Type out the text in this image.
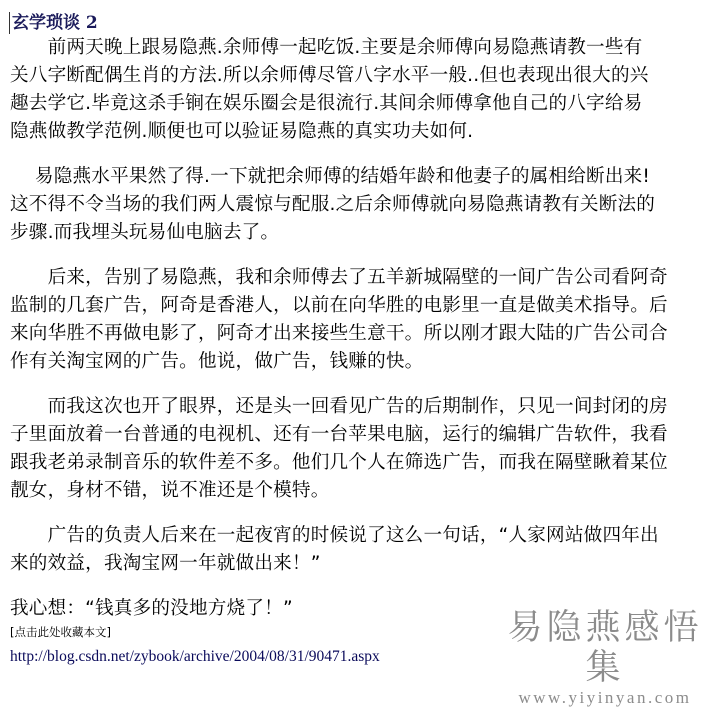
玄学琐谈 2

　　前两天晚上跟易隐燕.余师傅一起吃饭.主要是余师傅向易隐燕请教一些有
关八字断配偶生肖的方法.所以余师傅尽管八字水平一般..但也表现出很大的兴
趣去学它.毕竟这杀手锏在娱乐圈会是很流行.其间余师傅拿他自己的八字给易
隐燕做教学范例.顺便也可以验证易隐燕的真实功夫如何.

　 易隐燕水平果然了得.一下就把余师傅的结婚年龄和他妻子的属相给断出来!
这不得不令当场的我们两人震惊与配服.之后余师傅就向易隐燕请教有关断法的
步骤.而我埋头玩易仙电脑去了。

　　后来，告别了易隐燕，我和余师傅去了五羊新城隔壁的一间广告公司看阿奇
监制的几套广告，阿奇是香港人，以前在向华胜的电影里一直是做美术指导。后
来向华胜不再做电影了，阿奇才出来接些生意干。所以刚才跟大陆的广告公司合
作有关淘宝网的广告。他说，做广告，钱赚的快。

　　而我这次也开了眼界，还是头一回看见广告的后期制作，只见一间封闭的房
子里面放着一台普通的电视机、还有一台苹果电脑，运行的编辑广告软件，我看
跟我老弟录制音乐的软件差不多。他们几个人在筛选广告，而我在隔壁瞅着某位
靓女，身材不错，说不准还是个模特。

　　广告的负责人后来在一起夜宵的时候说了这么一句话，“人家网站做四年出
来的效益，我淘宝网一年就做出来！”

我心想：“钱真多的没地方烧了！”

[点击此处收藏本文]
http://blog.csdn.net/zybook/archive/2004/08/31/90471.aspx
易隐燕感悟集
www.yiyinyan.com
